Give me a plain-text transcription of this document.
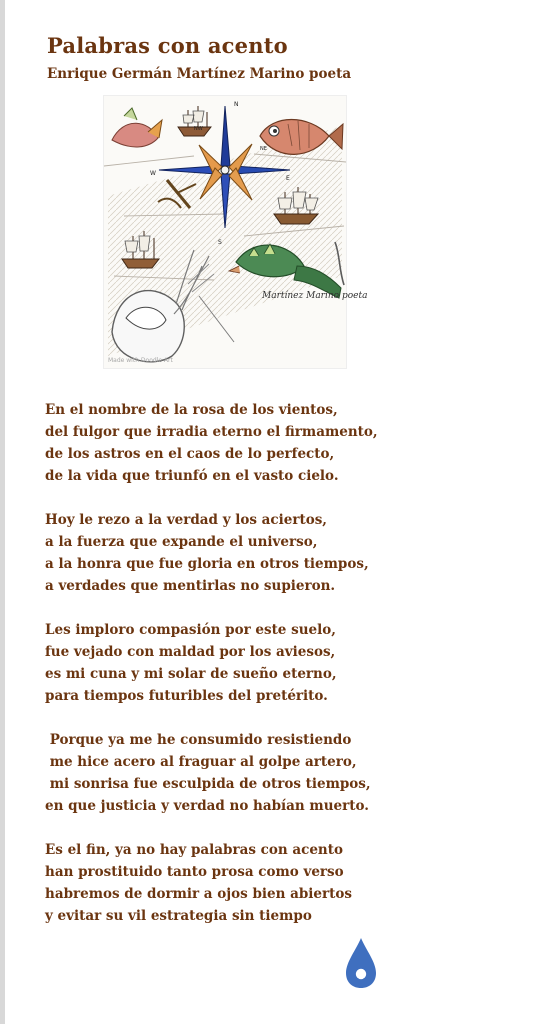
Palabras con acento
Enrique Germán Martínez Marino poeta
N
NW
NE
W
E
S
Martínez Marino poeta
Made with Doodle Art
En el nombre de la rosa de los vientos,
del fulgor que irradia eterno el firmamento,
de los astros en el caos de lo perfecto,
de la vida que triunfó en el vasto cielo.
Hoy le rezo a la verdad y los aciertos,
a la fuerza que expande el universo,
a la honra que fue gloria en otros tiempos,
a verdades que mentirlas no supieron.
Les imploro compasión por este suelo,
fue vejado con maldad por los aviesos,
es mi cuna y mi solar de sueño eterno,
para tiempos futuribles del pretérito.
Porque ya me he consumido resistiendo
me hice acero al fraguar al golpe artero,
mi sonrisa fue esculpida de otros tiempos,
en que justicia y verdad no habían muerto.
Es el fin, ya no hay palabras con acento
han prostituido tanto prosa como verso
habremos de dormir a ojos bien abiertos
y evitar su vil estrategia sin tiempo
